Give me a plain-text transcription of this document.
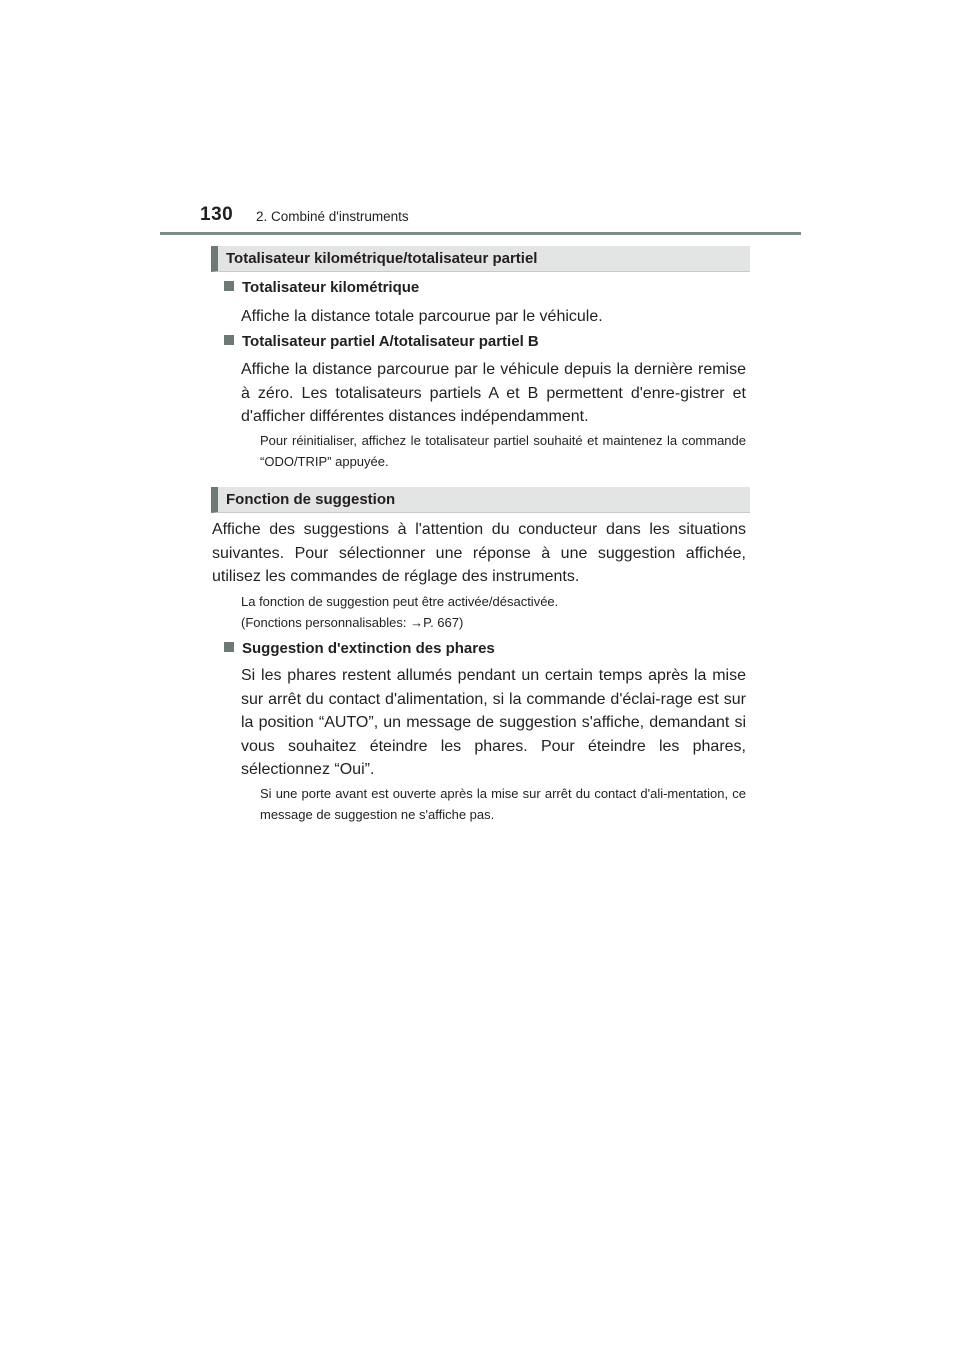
130 2. Combiné d'instruments
Totalisateur kilométrique/totalisateur partiel
Totalisateur kilométrique

Affiche la distance totale parcourue par le véhicule.

Totalisateur partiel A/totalisateur partiel B

Affiche la distance parcourue par le véhicule depuis la dernière remise à zéro. Les totalisateurs partiels A et B permettent d'enre-gistrer et d'afficher différentes distances indépendamment.

Pour réinitialiser, affichez le totalisateur partiel souhaité et maintenez la commande “ODO/TRIP” appuyée.

Fonction de suggestion

Affiche des suggestions à l'attention du conducteur dans les situations suivantes. Pour sélectionner une réponse à une suggestion affichée, utilisez les commandes de réglage des instruments.

La fonction de suggestion peut être activée/désactivée.
(Fonctions personnalisables: →P. 667)
Suggestion d'extinction des phares

Si les phares restent allumés pendant un certain temps après la mise sur arrêt du contact d'alimentation, si la commande d'éclai-rage est sur la position “AUTO”, un message de suggestion s'affiche, demandant si vous souhaitez éteindre les phares. Pour éteindre les phares, sélectionnez “Oui”.

Si une porte avant est ouverte après la mise sur arrêt du contact d'ali-mentation, ce message de suggestion ne s'affiche pas.
